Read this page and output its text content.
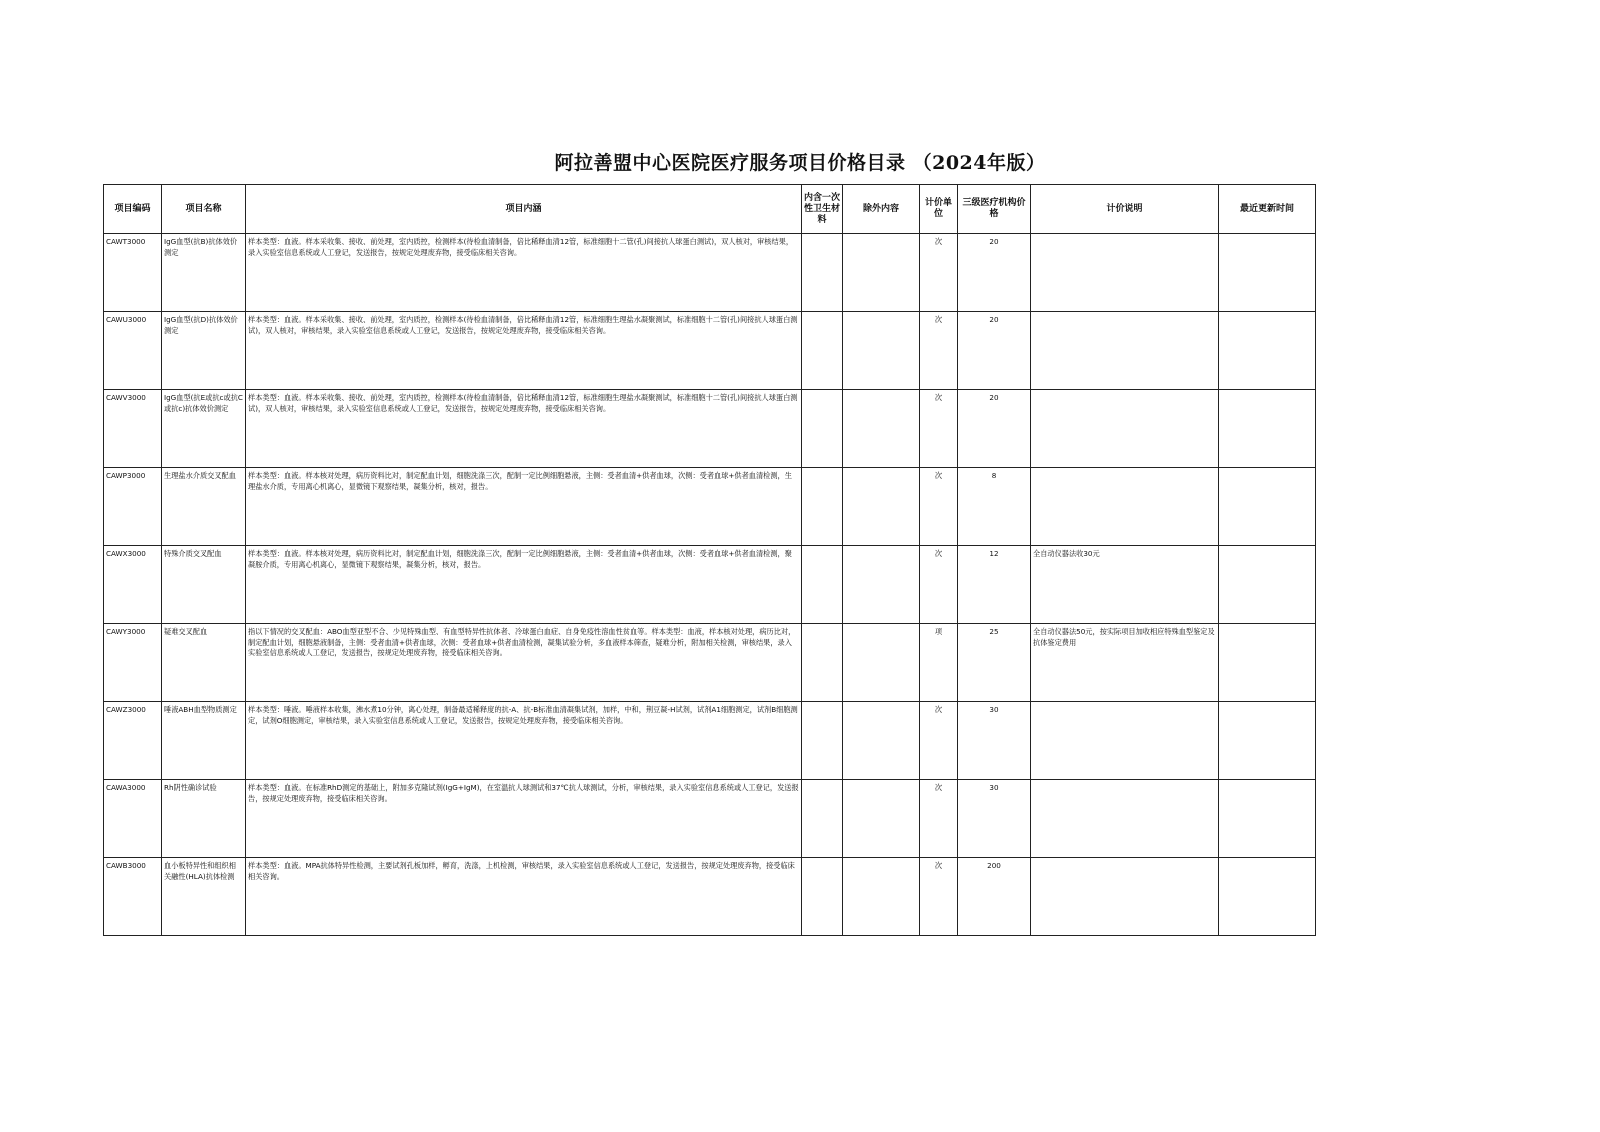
阿拉善盟中心医院医疗服务项目价格目录 （2024年版）
项目编码	项目名称	项目内涵	内含一次性卫生材料	除外内容	计价单位	三级医疗机构价格	计价说明	最近更新时间
CAWT3000	IgG血型(抗B)抗体效价测定	样本类型：血液。样本采收集、接收、前处理，室内质控，检测样本(待检血清制备，倍比稀释血清12管，标准细胞十二管(孔)间接抗人球蛋白测试)，双人核对，审核结果，录入实验室信息系统或人工登记，发送报告，按规定处理废弃物，接受临床相关咨询。			次	20		
CAWU3000	IgG血型(抗D)抗体效价测定	样本类型：血液。样本采收集、接收、前处理，室内质控，检测样本(待检血清制备，倍比稀释血清12管，标准细胞生理盐水凝聚测试，标准细胞十二管(孔)间接抗人球蛋白测试)，双人核对，审核结果，录入实验室信息系统或人工登记，发送报告，按规定处理废弃物，接受临床相关咨询。			次	20		
CAWV3000	IgG血型(抗E或抗c或抗C或抗c)抗体效价测定	样本类型：血液。样本采收集、接收、前处理，室内质控，检测样本(待检血清制备，倍比稀释血清12管，标准细胞生理盐水凝聚测试，标准细胞十二管(孔)间接抗人球蛋白测试)，双人核对，审核结果，录入实验室信息系统或人工登记，发送报告，按规定处理废弃物，接受临床相关咨询。			次	20		
CAWP3000	生理盐水介质交叉配血	样本类型：血液。样本核对处理，病历资料比对，制定配血计划，细胞洗涤三次，配制一定比例细胞悬液，主侧：受者血清+供者血球，次侧：受者血球+供者血清检测，生理盐水介质，专用离心机离心，显微镜下观察结果，凝集分析，核对，报告。			次	8		
CAWX3000	特殊介质交叉配血	样本类型：血液。样本核对处理，病历资料比对，制定配血计划，细胞洗涤三次，配制一定比例细胞悬液，主侧：受者血清+供者血球，次侧：受者血球+供者血清检测，聚凝胺介质，专用离心机离心，显微镜下观察结果，凝集分析，核对，报告。			次	12	全自动仪器法收30元	
CAWY3000	疑难交叉配血	指以下情况的交叉配血：ABO血型亚型不合、少见特殊血型、有血型特异性抗体者、冷球蛋白血症、自身免疫性溶血性贫血等。样本类型：血液，样本核对处理，病历比对，制定配血计划，细胞悬液制备，主侧：受者血清+供者血球，次侧：受者血球+供者血清检测，凝集试验分析，多血液样本筛查，疑难分析，附加相关检测，审核结果，录入实验室信息系统或人工登记，发送报告，按规定处理废弃物，接受临床相关咨询。			项	25	全自动仪器法50元，按实际项目加收相应特殊血型鉴定及抗体鉴定费用	
CAWZ3000	唾液ABH血型物质测定	样本类型：唾液。唾液样本收集，沸水煮10分钟，离心处理，制备最适稀释度的抗-A、抗-B标准血清凝集试剂，加样，中和，荆豆凝-H试剂，试剂A1细胞测定，试剂B细胞测定，试剂O细胞测定，审核结果，录入实验室信息系统或人工登记，发送报告，按规定处理废弃物，接受临床相关咨询。			次	30		
CAWA3000	Rh阴性确诊试验	样本类型：血液。在标准RhD测定的基础上，附加多克隆试剂(IgG+IgM)，在室温抗人球测试和37℃抗人球测试，分析，审核结果，录入实验室信息系统或人工登记，发送报告，按规定处理废弃物，接受临床相关咨询。			次	30		
CAWB3000	血小板特异性和组织相关融性(HLA)抗体检测	样本类型：血液。MPA抗体特异性检测，主要试剂孔板加样，孵育，洗涤，上机检测，审核结果，录入实验室信息系统或人工登记，发送报告，按规定处理废弃物，接受临床相关咨询。			次	200		
